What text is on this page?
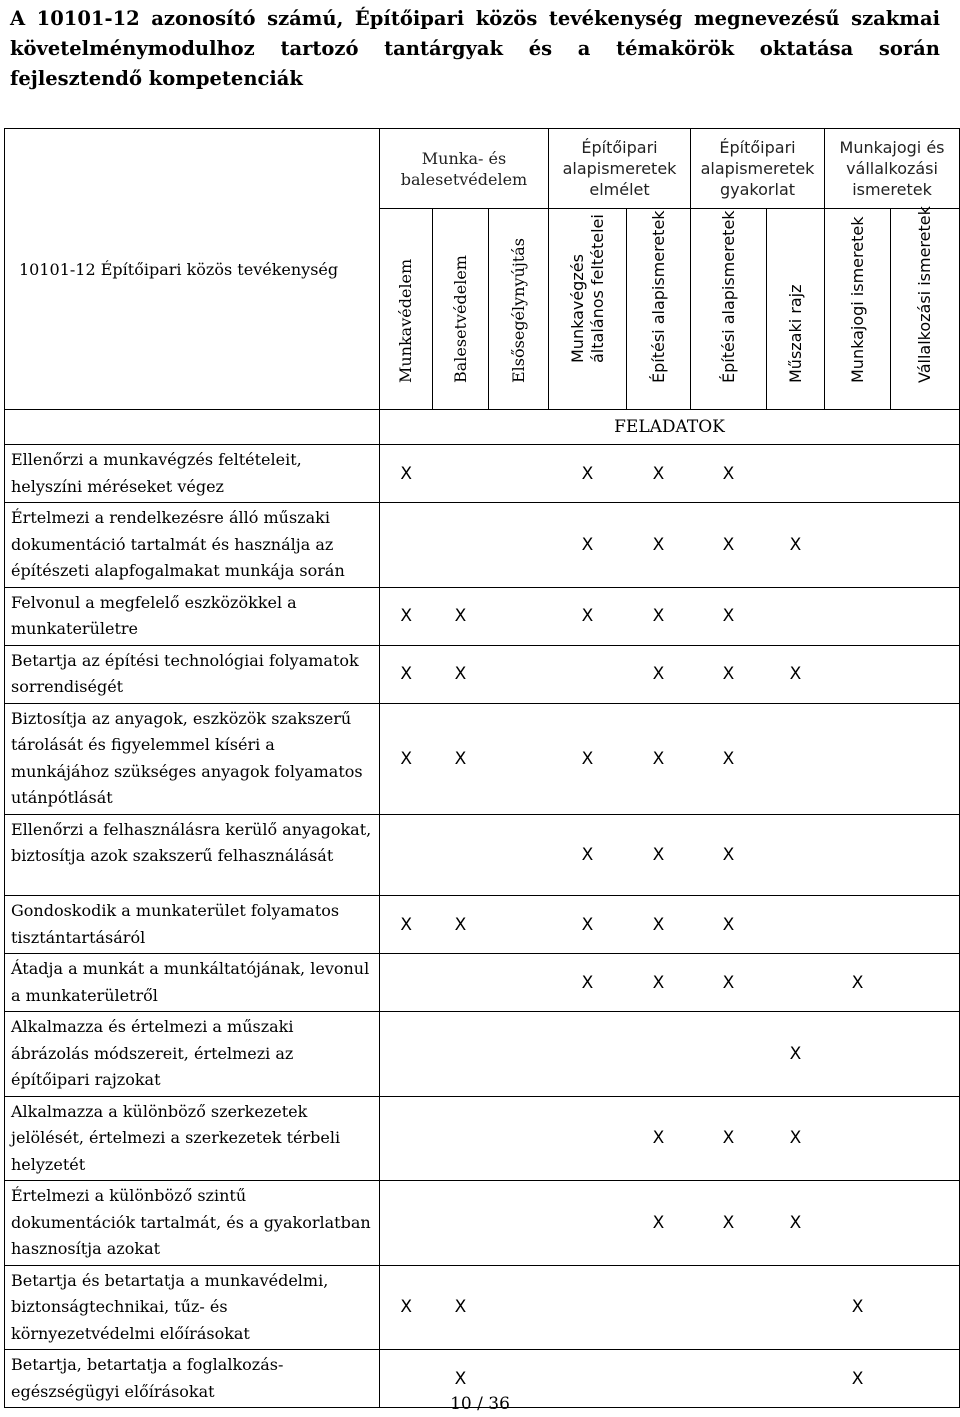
A 10101-12 azonosító számú, Építőipari közös tevékenység megnevezésű szakmai követelménymodulhoz tartozó tantárgyak és a témakörök oktatása során fejlesztendő kompetenciák
10101-12 Építőipari közös tevékenység	Munka- és balesetvédelem			Építőipari alapismeretek elmélet		Építőipari alapismeretek gyakorlat		Munkajogi és vállalkozási ismeretek	

	Munkavédelem	Balesetvédelem	Elsősegélynyújtás	Munkavégzés általános feltételei	Építési alapismeretek	Építési alapismeretek	Műszaki rajz	Munkajogi ismeretek	Vállalkozási ismeretek

	FELADATOK								
Ellenőrzi a munkavégzés feltételeit, helyszíni méréseket végez	X			X	X	X			
Értelmezi a rendelkezésre álló műszaki dokumentáció tartalmát és használja az építészeti alapfogalmakat munkája során				X	X	X	X		
Felvonul a megfelelő eszközökkel a munkaterületre	X	X		X	X	X			
Betartja az építési technológiai folyamatok sorrendiségét	X	X			X	X	X		
Biztosítja az anyagok, eszközök szakszerű tárolását és figyelemmel kíséri a munkájához szükséges anyagok folyamatos utánpótlását	X	X		X	X	X			
Ellenőrzi a felhasználásra kerülő anyagokat, biztosítja azok szakszerű felhasználását				X	X	X			
Gondoskodik a munkaterület folyamatos tisztántartásáról	X	X		X	X	X			
Átadja a munkát a munkáltatójának, levonul a munkaterületről				X	X	X		X	
Alkalmazza és értelmezi a műszaki ábrázolás módszereit, értelmezi az építőipari rajzokat							X		
Alkalmazza a különböző szerkezetek jelölését, értelmezi a szerkezetek térbeli helyzetét					X	X	X		
Értelmezi a különböző szintű dokumentációk tartalmát, és a gyakorlatban hasznosítja azokat					X	X	X		
Betartja és betartatja a munkavédelmi, biztonságtechnikai, tűz- és környezetvédelmi előírásokat	X	X						X	
Betartja, betartatja a foglalkozás-egészségügyi előírásokat		X						X	
10 / 36
